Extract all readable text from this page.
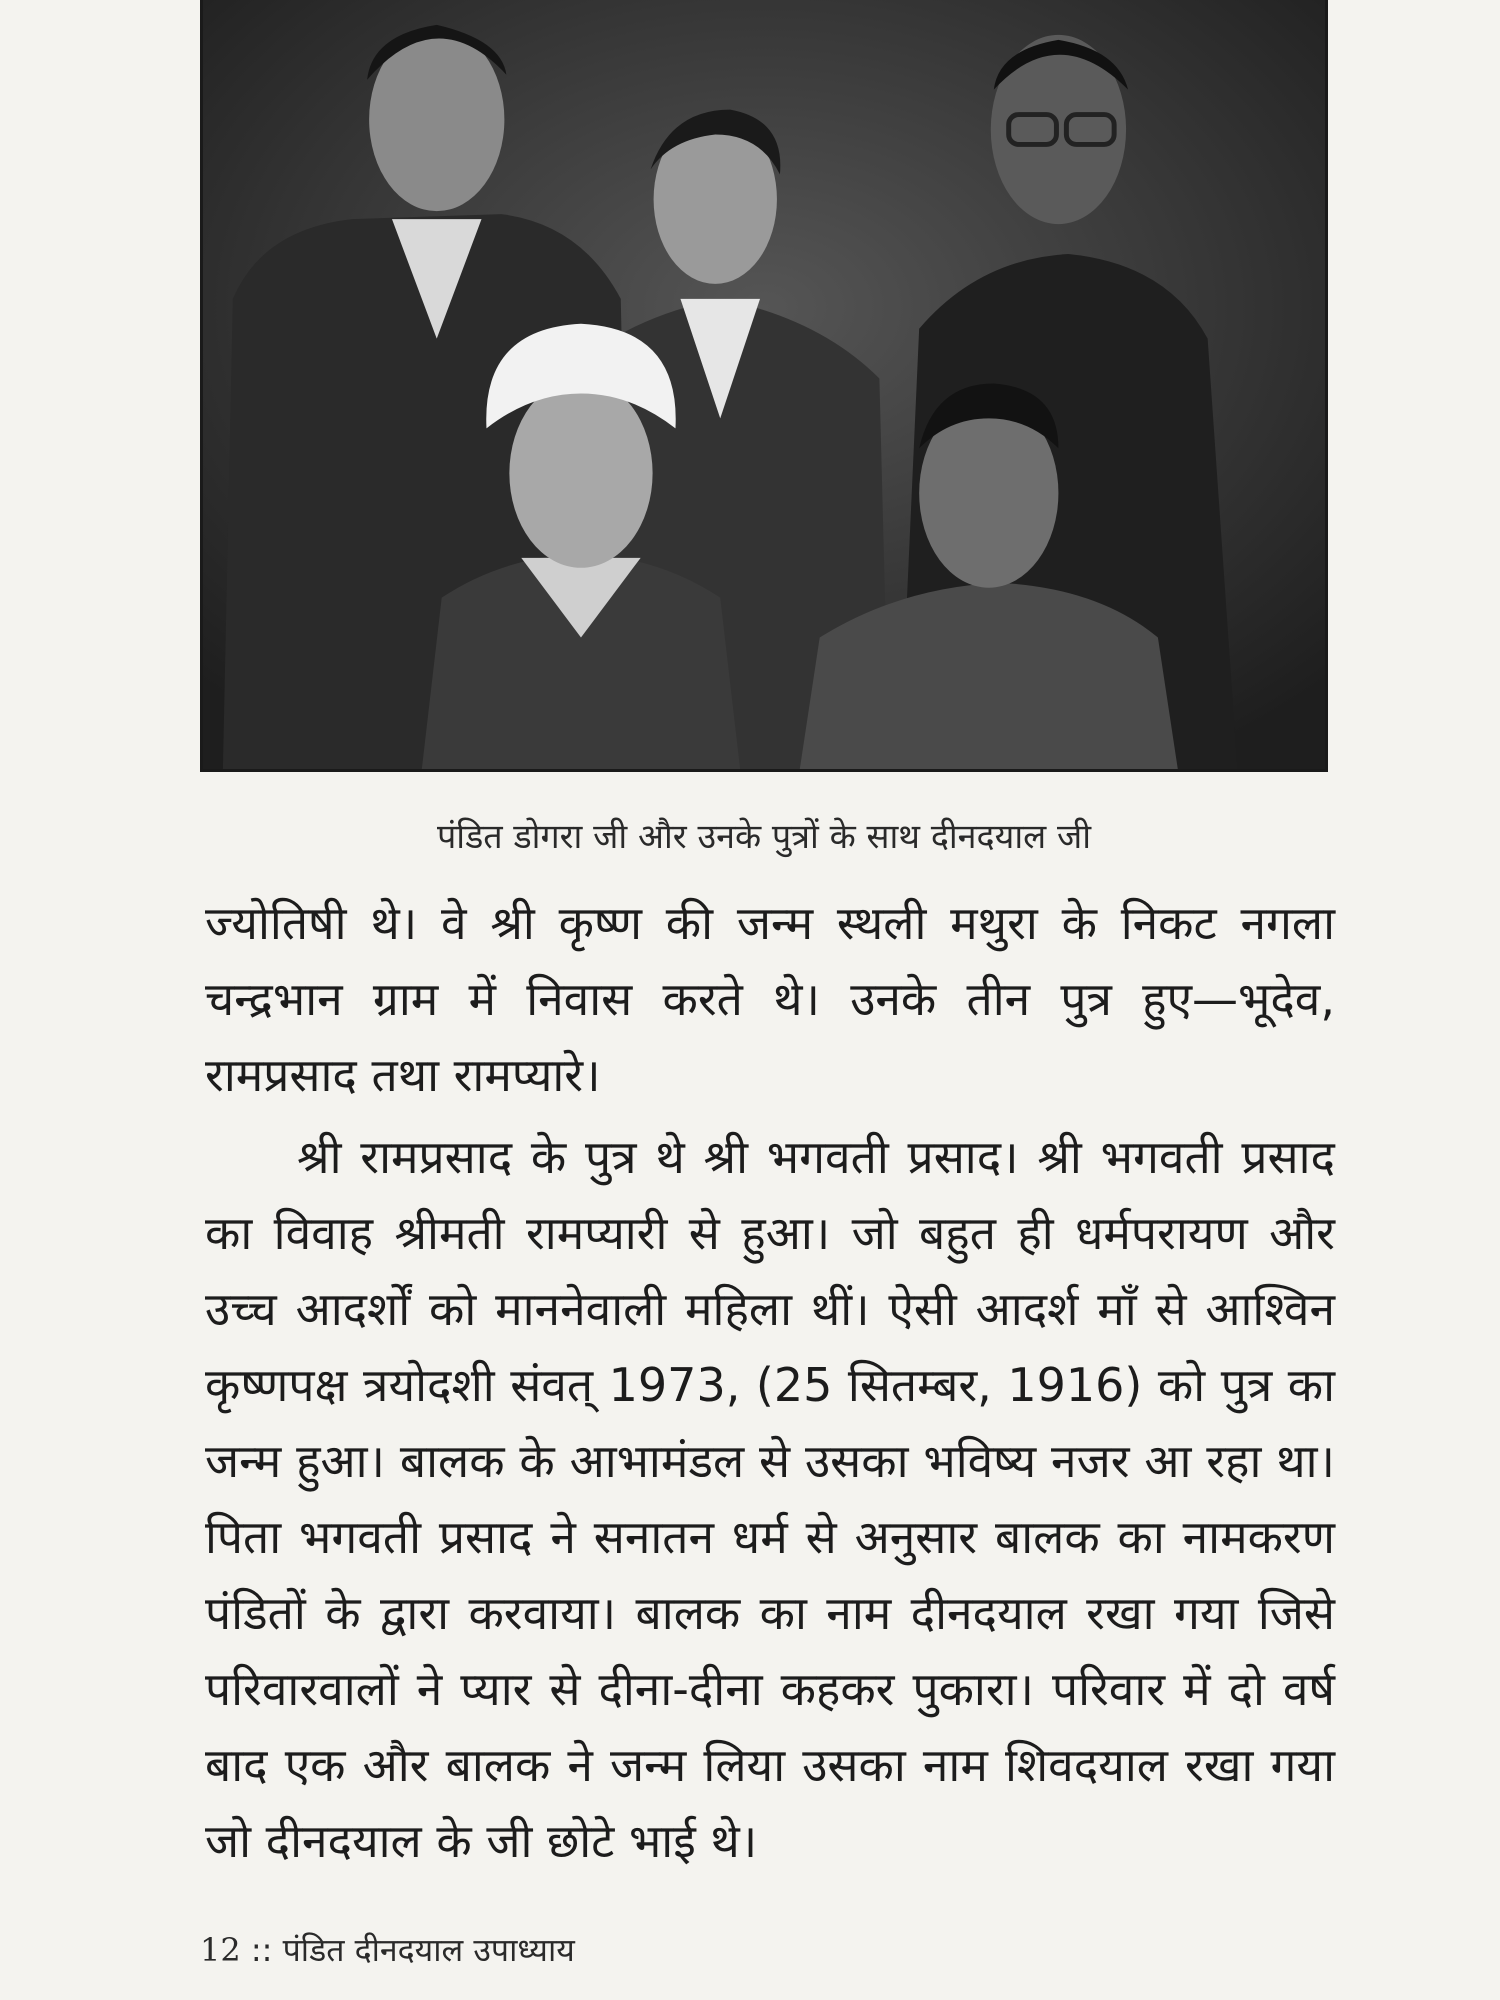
पंडित डोगरा जी और उनके पुत्रों के साथ दीनदयाल जी

ज्योतिषी थे। वे श्री कृष्ण की जन्म स्थली मथुरा के निकट नगला चन्द्रभान ग्राम में निवास करते थे। उनके तीन पुत्र हुए—भूदेव, रामप्रसाद तथा रामप्यारे।

श्री रामप्रसाद के पुत्र थे श्री भगवती प्रसाद। श्री भगवती प्रसाद का विवाह श्रीमती रामप्यारी से हुआ। जो बहुत ही धर्मपरायण और उच्च आदर्शों को माननेवाली महिला थीं। ऐसी आदर्श माँ से आश्विन कृष्णपक्ष त्रयोदशी संवत् 1973, (25 सितम्बर, 1916) को पुत्र का जन्म हुआ। बालक के आभामंडल से उसका भविष्य नजर आ रहा था। पिता भगवती प्रसाद ने सनातन धर्म से अनुसार बालक का नामकरण पंडितों के द्वारा करवाया। बालक का नाम दीनदयाल रखा गया जिसे परिवारवालों ने प्यार से दीना-दीना कहकर पुकारा। परिवार में दो वर्ष बाद एक और बालक ने जन्म लिया उसका नाम शिवदयाल रखा गया जो दीनदयाल के जी छोटे भाई थे।

12 :: पंडित दीनदयाल उपाध्याय
